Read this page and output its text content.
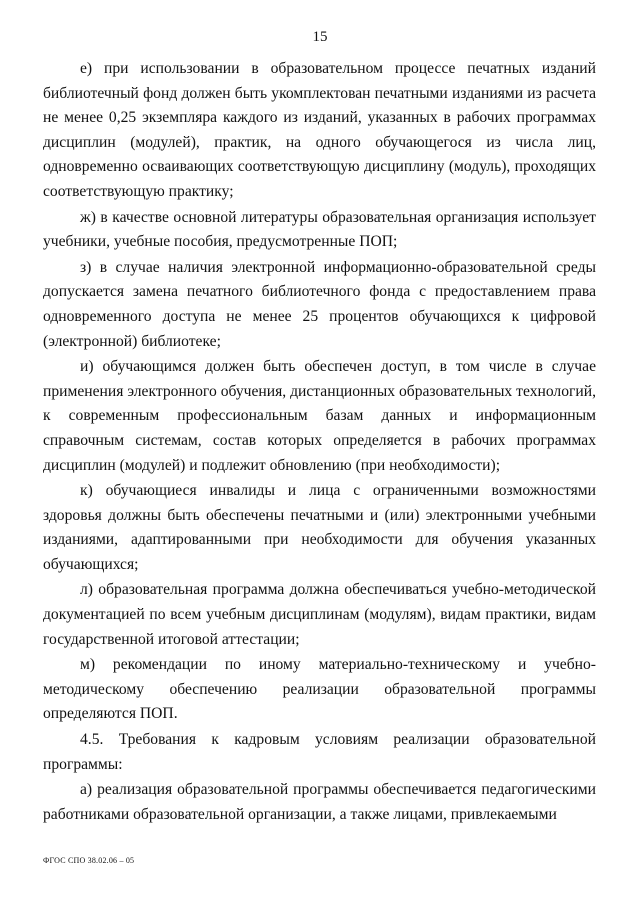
15

е) при использовании в образовательном процессе печатных изданий библиотечный фонд должен быть укомплектован печатными изданиями из расчета не менее 0,25 экземпляра каждого из изданий, указанных в рабочих программах дисциплин (модулей), практик, на одного обучающегося из числа лиц, одновременно осваивающих соответствующую дисциплину (модуль), проходящих соответствующую практику;

ж) в качестве основной литературы образовательная организация использует учебники, учебные пособия, предусмотренные ПОП;

з) в случае наличия электронной информационно-образовательной среды допускается замена печатного библиотечного фонда с предоставлением права одновременного доступа не менее 25 процентов обучающихся к цифровой (электронной) библиотеке;

и) обучающимся должен быть обеспечен доступ, в том числе в случае применения электронного обучения, дистанционных образовательных технологий, к современным профессиональным базам данных и информационным справочным системам, состав которых определяется в рабочих программах дисциплин (модулей) и подлежит обновлению (при необходимости);

к) обучающиеся инвалиды и лица с ограниченными возможностями здоровья должны быть обеспечены печатными и (или) электронными учебными изданиями, адаптированными при необходимости для обучения указанных обучающихся;

л) образовательная программа должна обеспечиваться учебно-методической документацией по всем учебным дисциплинам (модулям), видам практики, видам государственной итоговой аттестации;

м) рекомендации по иному материально-техническому и учебно-методическому обеспечению реализации образовательной программы определяются ПОП.

4.5. Требования к кадровым условиям реализации образовательной программы:

а) реализация образовательной программы обеспечивается педагогическими работниками образовательной организации, а также лицами, привлекаемыми

ФГОС СПО 38.02.06 – 05
